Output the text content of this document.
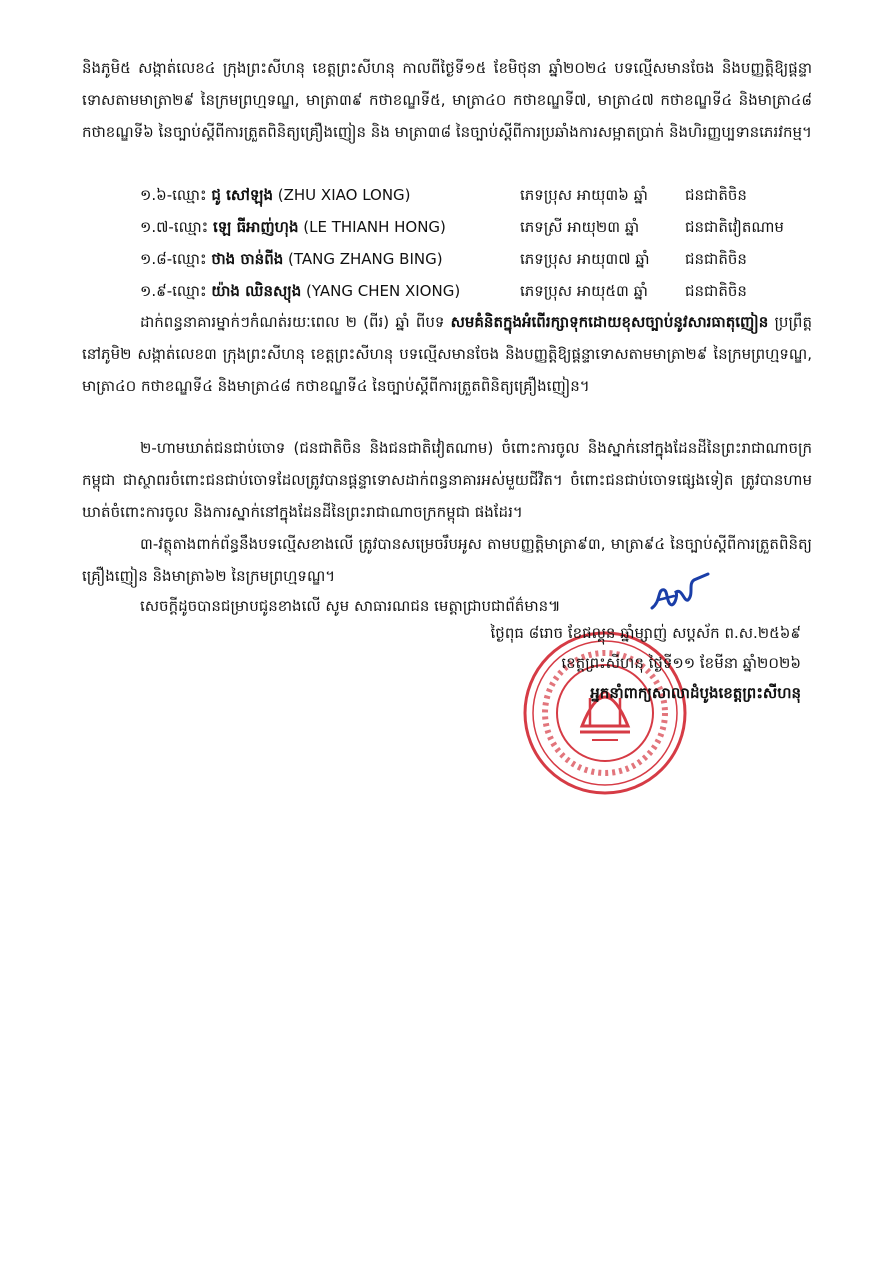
និងភូមិ៥ សង្កាត់លេខ៤ ក្រុងព្រះសីហនុ ខេត្តព្រះសីហនុ កាលពីថ្ងៃទី១៥ ខែមិថុនា ឆ្នាំ២០២៤ បទល្មើសមានចែង និងបញ្ញត្តិឱ្យផ្តន្ទាទោសតាមមាត្រា២៩ នៃក្រមព្រហ្មទណ្ឌ, មាត្រា៣៩ កថាខណ្ឌទី៥, មាត្រា៤០ កថាខណ្ឌទី៧, មាត្រា៤៧ កថាខណ្ឌទី៤ និងមាត្រា៤៨ កថាខណ្ឌទី៦ នៃច្បាប់ស្តីពីការត្រួតពិនិត្យគ្រឿងញៀន និង មាត្រា៣៨ នៃច្បាប់ស្តីពីការប្រឆាំងការសម្អាតប្រាក់ និងហិរញ្ញប្បទានភេរវកម្ម។

១.៦-ឈ្មោះ ជូ សៅឡុង (ZHU XIAO LONG)	ភេទប្រុស អាយុ៣៦ ឆ្នាំ ជនជាតិចិន
១.៧-ឈ្មោះ ឡេ ធីអាញ់ហុង (LE THIANH HONG)	ភេទស្រី អាយុ២៣ ឆ្នាំ	ជនជាតិវៀតណាម
១.៨-ឈ្មោះ ថាង ចាន់ពីង (TANG ZHANG BING)	ភេទប្រុស អាយុ៣៧ ឆ្នាំ ជនជាតិចិន
១.៩-ឈ្មោះ យ៉ាង ឈិនស្យុង (YANG CHEN XIONG)	ភេទប្រុស អាយុ៥៣ ឆ្នាំ ជនជាតិចិន

ដាក់ពន្ធនាគារម្នាក់ៗកំណត់រយៈពេល ២ (ពីរ) ឆ្នាំ ពីបទ សមគំនិតក្នុងអំពើរក្សាទុកដោយខុសច្បាប់នូវសារធាតុញៀន ប្រព្រឹត្តនៅភូមិ២ សង្កាត់លេខ៣ ក្រុងព្រះសីហនុ ខេត្តព្រះសីហនុ បទល្មើសមានចែង និងបញ្ញត្តិឱ្យផ្តន្ទាទោសតាមមាត្រា២៩ នៃក្រមព្រហ្មទណ្ឌ, មាត្រា៤០ កថាខណ្ឌទី៤ និងមាត្រា៤៨ កថាខណ្ឌទី៤ នៃច្បាប់ស្តីពីការត្រួតពិនិត្យគ្រឿងញៀន។

២-ហាមឃាត់ជនជាប់ចោទ (ជនជាតិចិន និងជនជាតិវៀតណាម) ចំពោះការចូល និងស្នាក់នៅក្នុងដែនដីនៃព្រះរាជាណាចក្រកម្ពុជា ជាស្ថាពរចំពោះជនជាប់ចោទដែលត្រូវបានផ្តន្ទាទោសដាក់ពន្ធនាគារអស់មួយជីវិត។ ចំពោះជនជាប់ចោទផ្សេងទៀត ត្រូវបានហាមឃាត់ចំពោះការចូល និងការស្នាក់នៅក្នុងដែនដីនៃព្រះរាជាណាចក្រកម្ពុជា ផងដែរ។

៣-វត្ថុតាងពាក់ព័ន្ធនឹងបទល្មើសខាងលើ ត្រូវបានសម្រេចរឹបអូស តាមបញ្ញត្តិមាត្រា៩៣, មាត្រា៩៤ នៃច្បាប់ស្តីពីការត្រួតពិនិត្យគ្រឿងញៀន និងមាត្រា៦២ នៃក្រមព្រហ្មទណ្ឌ។

សេចក្តីដូចបានជម្រាបជូនខាងលើ សូម សាធារណជន មេត្តាជ្រាបជាព័ត៌មាន៕
ថ្ងៃពុធ ៨រោច ខែផល្គុន ឆ្នាំម្សាញ់ សប្តស័ក ព.ស.២៥៦៩
ខេត្តព្រះសីហនុ ថ្ងៃទី១១ ខែមីនា ឆ្នាំ២០២៦
អ្នកនាំពាក្យសាលាដំបូងខេត្តព្រះសីហនុ
